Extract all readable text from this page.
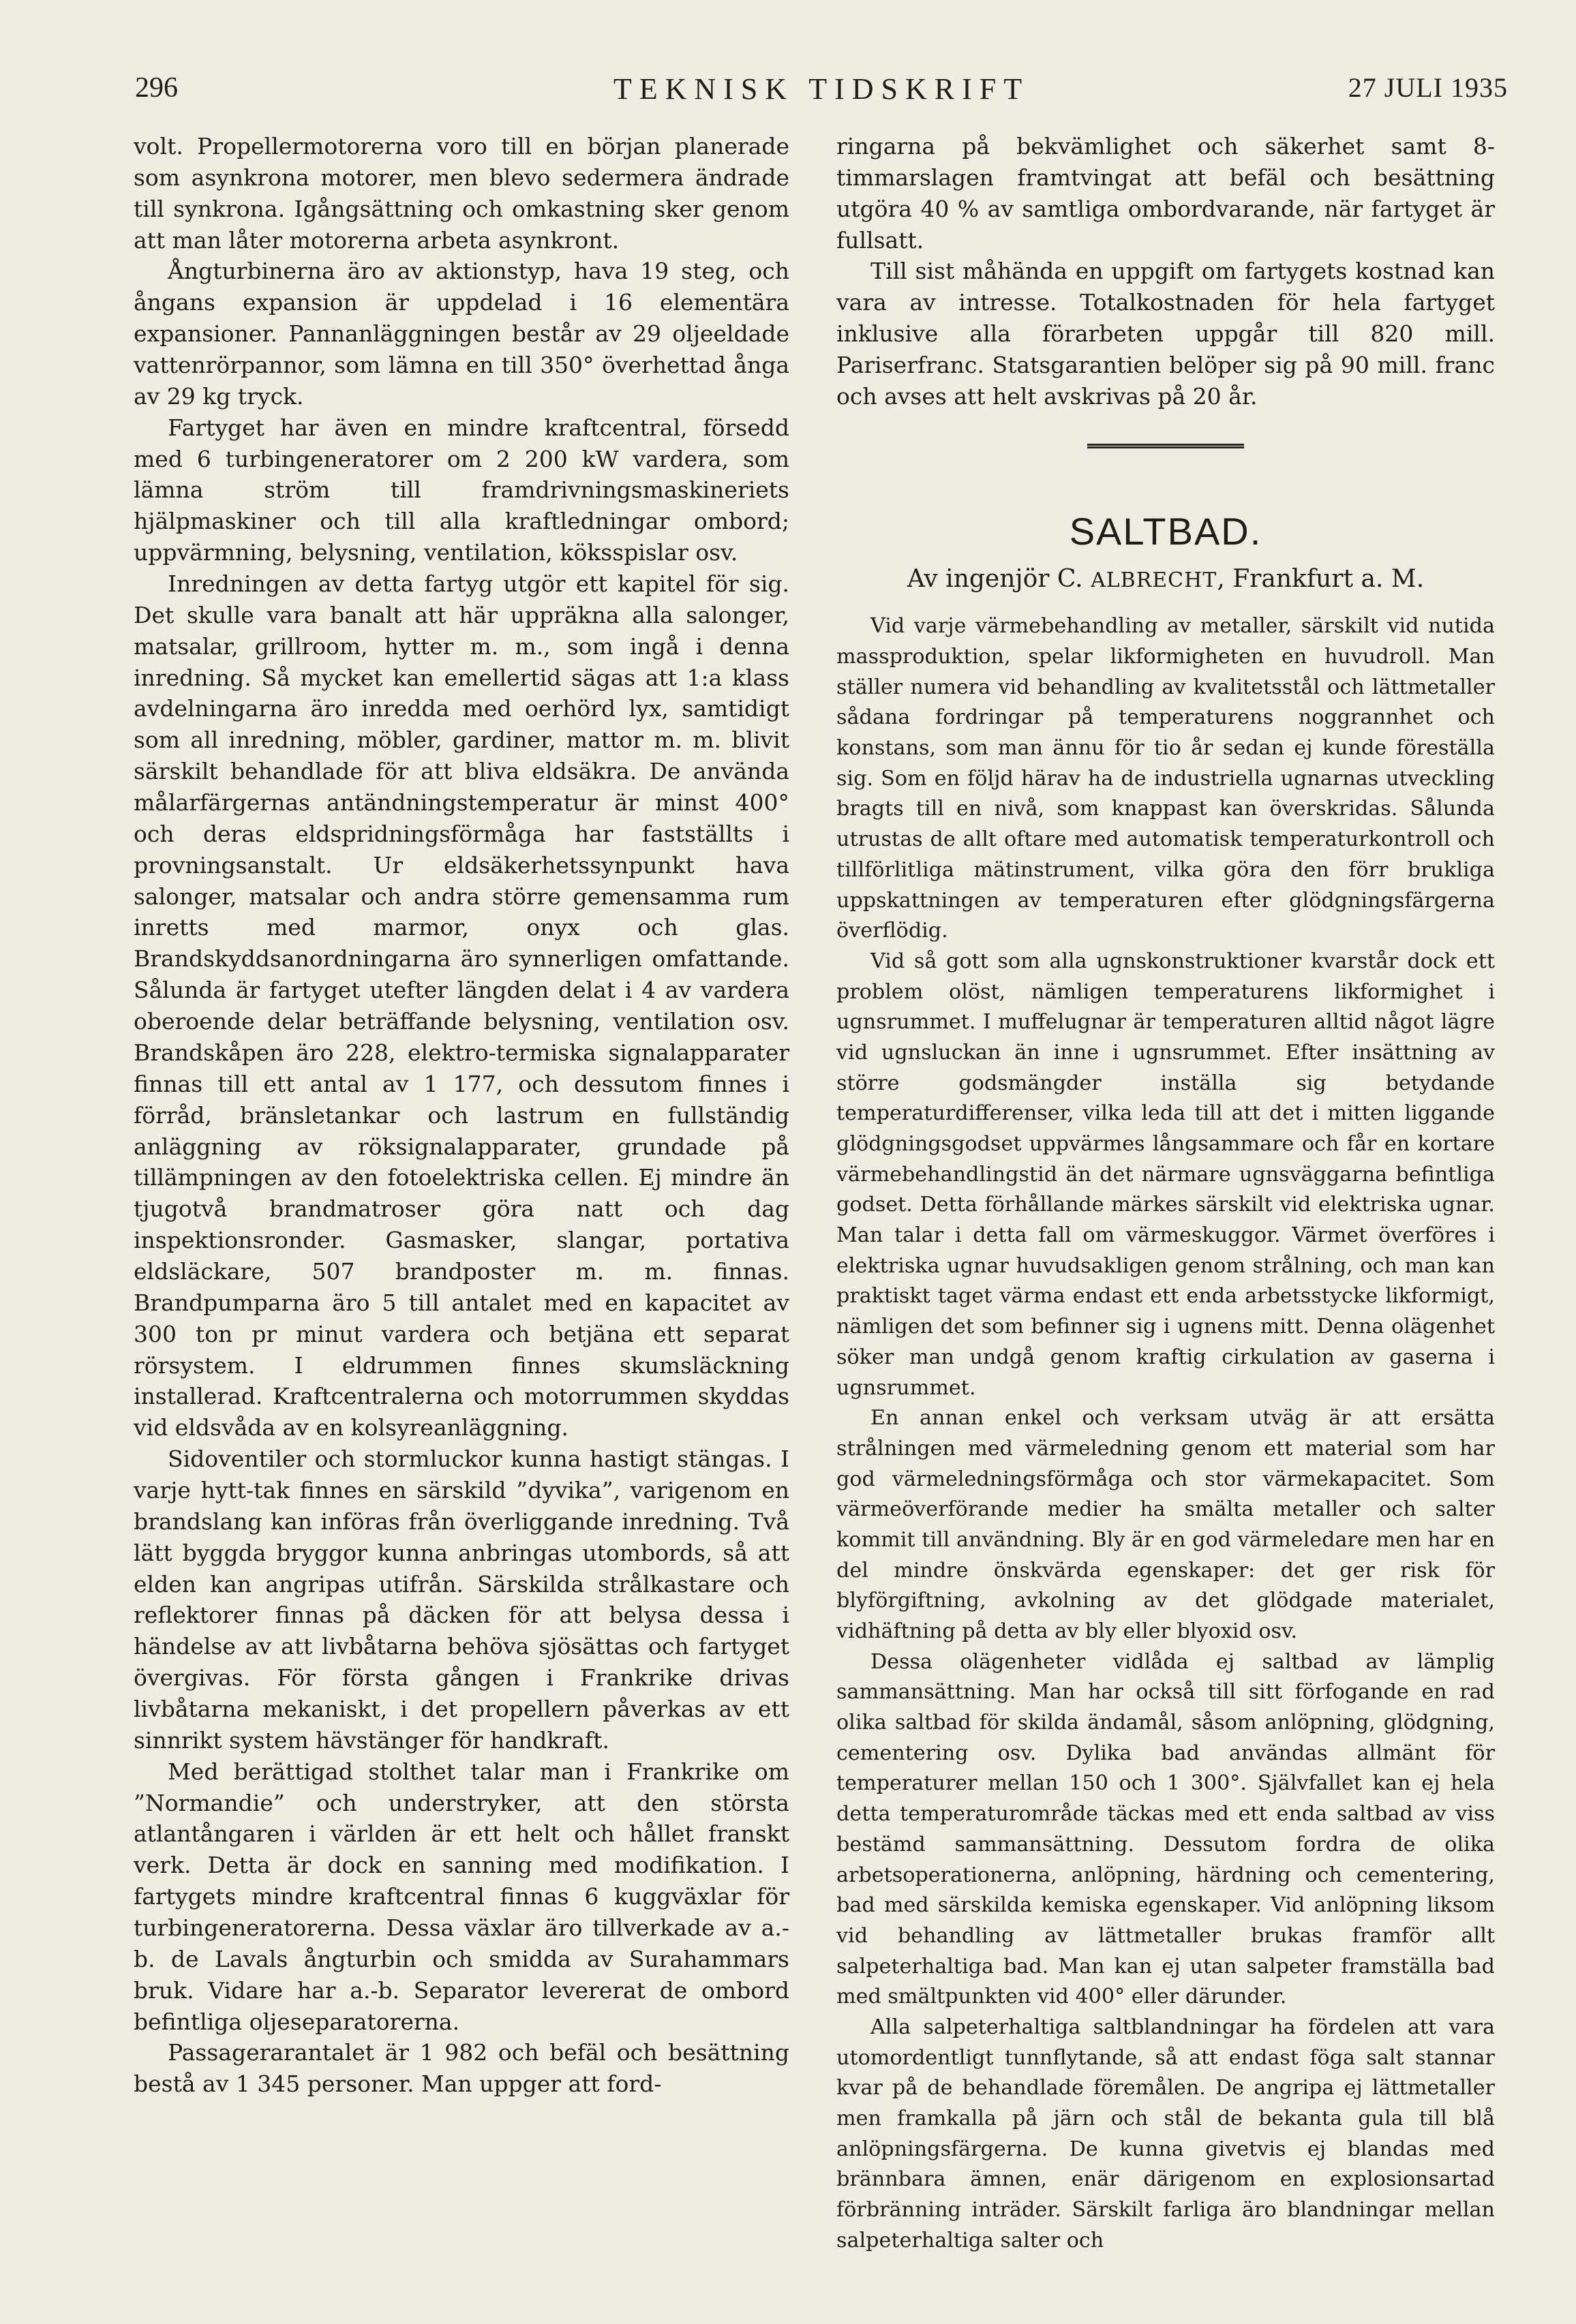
296	TEKNISK TIDSKRIFT	27 JULI 1935

volt. Propellermotorerna voro till en början planerade som asynkrona motorer, men blevo sedermera ändrade till synkrona. Igångsättning och omkastning sker genom att man låter motorerna arbeta asynkront.

Ångturbinerna äro av aktionstyp, hava 19 steg, och ångans expansion är uppdelad i 16 elementära expansioner. Pannanläggningen består av 29 oljeeldade vattenrörpannor, som lämna en till 350° överhettad ånga av 29 kg tryck.

Fartyget har även en mindre kraftcentral, försedd med 6 turbingeneratorer om 2 200 kW vardera, som lämna ström till framdrivningsmaskineriets hjälpmaskiner och till alla kraftledningar ombord; uppvärmning, belysning, ventilation, köksspislar osv.

Inredningen av detta fartyg utgör ett kapitel för sig. Det skulle vara banalt att här uppräkna alla salonger, matsalar, grillroom, hytter m. m., som ingå i denna inredning. Så mycket kan emellertid sägas att 1:a klass avdelningarna äro inredda med oerhörd lyx, samtidigt som all inredning, möbler, gardiner, mattor m. m. blivit särskilt behandlade för att bliva eldsäkra. De använda målarfärgernas antändningstemperatur är minst 400° och deras eldspridningsförmåga har fastställts i provningsanstalt. Ur eldsäkerhetssynpunkt hava salonger, matsalar och andra större gemensamma rum inretts med marmor, onyx och glas. Brandskyddsanordningarna äro synnerligen omfattande. Sålunda är fartyget utefter längden delat i 4 av vardera oberoende delar beträffande belysning, ventilation osv. Brandskåpen äro 228, elektro-termiska signalapparater finnas till ett antal av 1 177, och dessutom finnes i förråd, bränsletankar och lastrum en fullständig anläggning av röksignalapparater, grundade på tillämpningen av den fotoelektriska cellen. Ej mindre än tjugotvå brandmatroser göra natt och dag inspektionsronder. Gasmasker, slangar, portativa eldsläckare, 507 brandposter m. m. finnas. Brandpumparna äro 5 till antalet med en kapacitet av 300 ton pr minut vardera och betjäna ett separat rörsystem. I eldrummen finnes skumsläckning installerad. Kraftcentralerna och motorrummen skyddas vid eldsvåda av en kolsyreanläggning.

Sidoventiler och stormluckor kunna hastigt stängas. I varje hytt-tak finnes en särskild ”dyvika”, varigenom en brandslang kan införas från överliggande inredning. Två lätt byggda bryggor kunna anbringas utombords, så att elden kan angripas utifrån. Särskilda strålkastare och reflektorer finnas på däcken för att belysa dessa i händelse av att livbåtarna behöva sjösättas och fartyget övergivas. För första gången i Frankrike drivas livbåtarna mekaniskt, i det propellern påverkas av ett sinnrikt system hävstänger för handkraft.

Med berättigad stolthet talar man i Frankrike om ”Normandie” och understryker, att den största atlantångaren i världen är ett helt och hållet franskt verk. Detta är dock en sanning med modifikation. I fartygets mindre kraftcentral finnas 6 kuggväxlar för turbingeneratorerna. Dessa växlar äro tillverkade av a.-b. de Lavals ångturbin och smidda av Surahammars bruk. Vidare har a.-b. Separator levererat de ombord befintliga oljeseparatorerna.

Passagerarantalet är 1 982 och befäl och besättning bestå av 1 345 personer. Man uppger att ford-

ringarna på bekvämlighet och säkerhet samt 8-timmarslagen framtvingat att befäl och besättning utgöra 40 % av samtliga ombordvarande, när fartyget är fullsatt.

Till sist måhända en uppgift om fartygets kostnad kan vara av intresse. Totalkostnaden för hela fartyget inklusive alla förarbeten uppgår till 820 mill. Pariserfranc. Statsgarantien belöper sig på 90 mill. franc och avses att helt avskrivas på 20 år.

SALTBAD.
Av ingenjör C. ALBRECHT, Frankfurt a. M.

Vid varje värmebehandling av metaller, särskilt vid nutida massproduktion, spelar likformigheten en huvudroll. Man ställer numera vid behandling av kvalitetsstål och lättmetaller sådana fordringar på temperaturens noggrannhet och konstans, som man ännu för tio år sedan ej kunde föreställa sig. Som en följd härav ha de industriella ugnarnas utveckling bragts till en nivå, som knappast kan överskridas. Sålunda utrustas de allt oftare med automatisk temperaturkontroll och tillförlitliga mätinstrument, vilka göra den förr brukliga uppskattningen av temperaturen efter glödgningsfärgerna överflödig.

Vid så gott som alla ugnskonstruktioner kvarstår dock ett problem olöst, nämligen temperaturens likformighet i ugnsrummet. I muffelugnar är temperaturen alltid något lägre vid ugnsluckan än inne i ugnsrummet. Efter insättning av större godsmängder inställa sig betydande temperaturdifferenser, vilka leda till att det i mitten liggande glödgningsgodset uppvärmes långsammare och får en kortare värmebehandlingstid än det närmare ugnsväggarna befintliga godset. Detta förhållande märkes särskilt vid elektriska ugnar. Man talar i detta fall om värmeskuggor. Värmet överföres i elektriska ugnar huvudsakligen genom strålning, och man kan praktiskt taget värma endast ett enda arbetsstycke likformigt, nämligen det som befinner sig i ugnens mitt. Denna olägenhet söker man undgå genom kraftig cirkulation av gaserna i ugnsrummet.

En annan enkel och verksam utväg är att ersätta strålningen med värmeledning genom ett material som har god värmeledningsförmåga och stor värmekapacitet. Som värmeöverförande medier ha smälta metaller och salter kommit till användning. Bly är en god värmeledare men har en del mindre önskvärda egenskaper: det ger risk för blyförgiftning, avkolning av det glödgade materialet, vidhäftning på detta av bly eller blyoxid osv.

Dessa olägenheter vidlåda ej saltbad av lämplig sammansättning. Man har också till sitt förfogande en rad olika saltbad för skilda ändamål, såsom anlöpning, glödgning, cementering osv. Dylika bad användas allmänt för temperaturer mellan 150 och 1 300°. Självfallet kan ej hela detta temperaturområde täckas med ett enda saltbad av viss bestämd sammansättning. Dessutom fordra de olika arbetsoperationerna, anlöpning, härdning och cementering, bad med särskilda kemiska egenskaper. Vid anlöpning liksom vid behandling av lättmetaller brukas framför allt salpeterhaltiga bad. Man kan ej utan salpeter framställa bad med smältpunkten vid 400° eller därunder.

Alla salpeterhaltiga saltblandningar ha fördelen att vara utomordentligt tunnflytande, så att endast föga salt stannar kvar på de behandlade föremålen. De angripa ej lättmetaller men framkalla på järn och stål de bekanta gula till blå anlöpningsfärgerna. De kunna givetvis ej blandas med brännbara ämnen, enär därigenom en explosionsartad förbränning inträder. Särskilt farliga äro blandningar mellan salpeterhaltiga salter och
